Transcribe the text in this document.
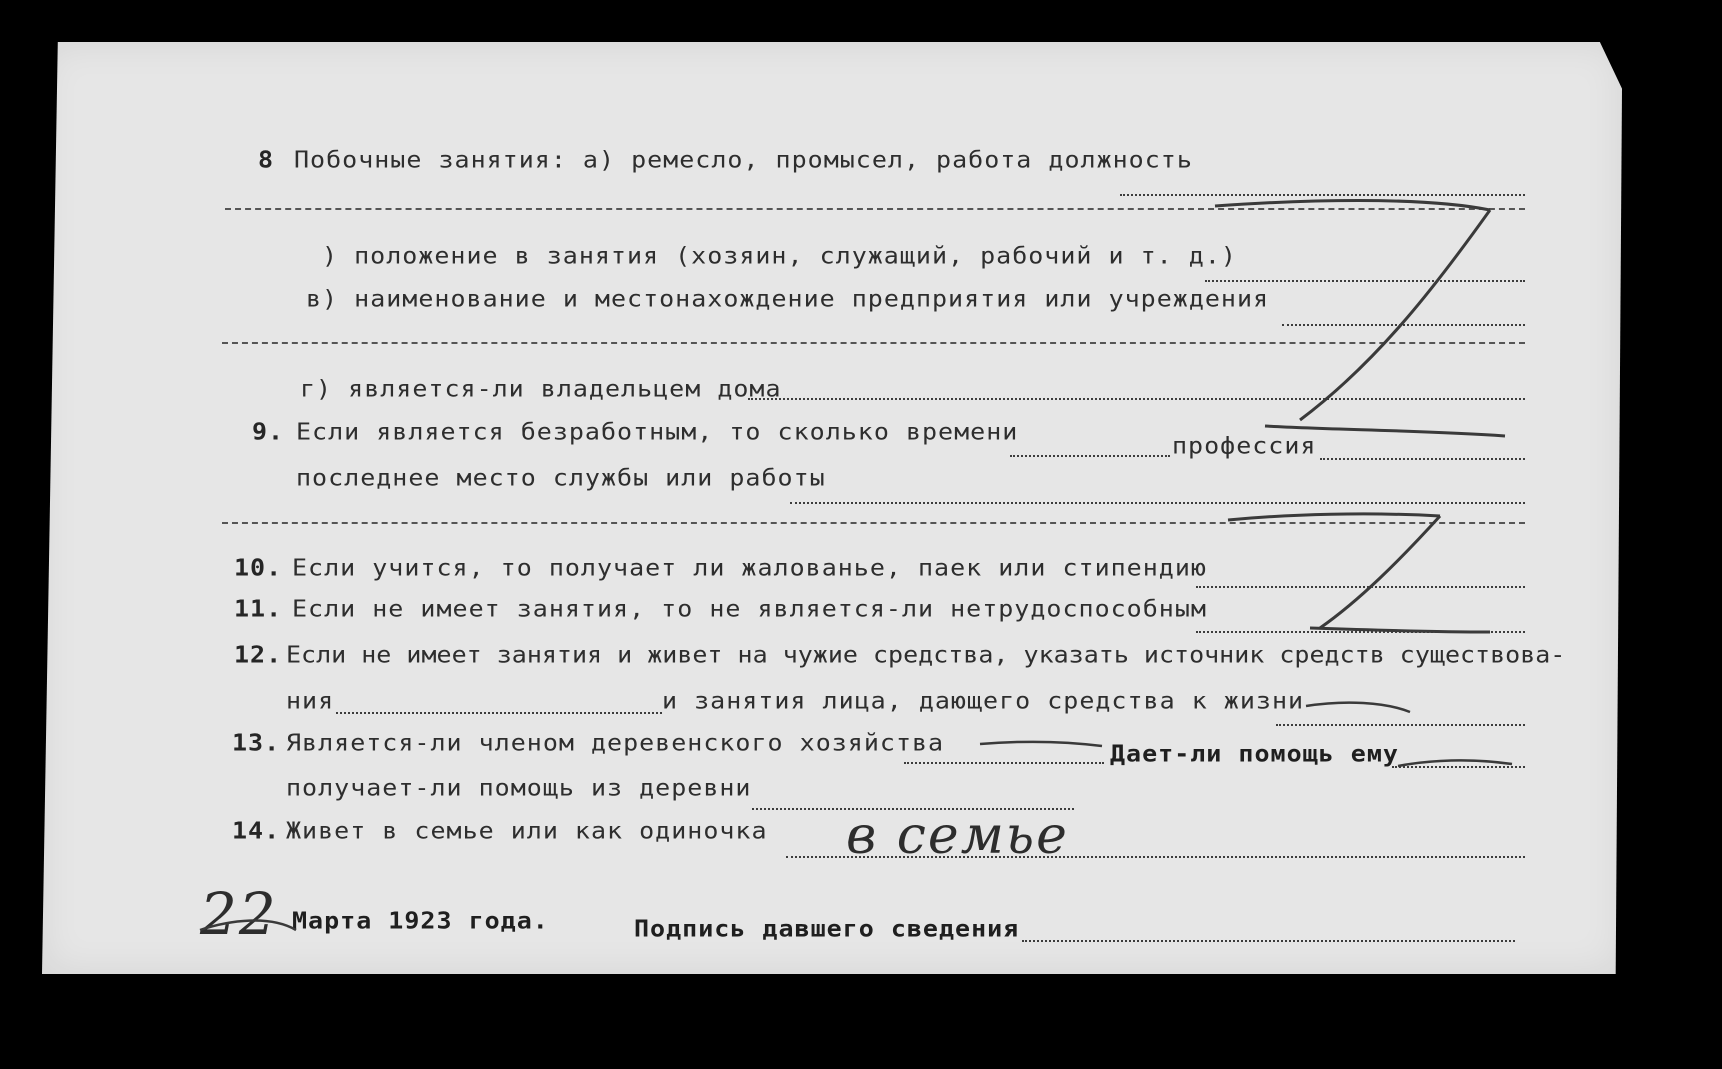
8 Побочные занятия: а) ремесло, промысел, работа должность
) положение в занятия (хозяин, служащий, рабочий и т. д.)
в) наименование и местонахождение предприятия или учреждения
г) является-ли владельцем дома
9. Если является безработным, то сколько времени
профессия
последнее место службы или работы
10. Если учится, то получает ли жалованье, паек или стипендию
11. Если не имеет занятия, то не является-ли нетрудоспособным
12. Если не имеет занятия и живет на чужие средства, указать источник средств существова-
ния	и занятия лица, дающего средства к жизни
13. Является-ли членом деревенского хозяйства	Дает-ли помощь ему
получает-ли помощь из деревни
14. Живет в семье или как одиночка в семье
22 Марта 1923 года.	Подпись давшего сведения
